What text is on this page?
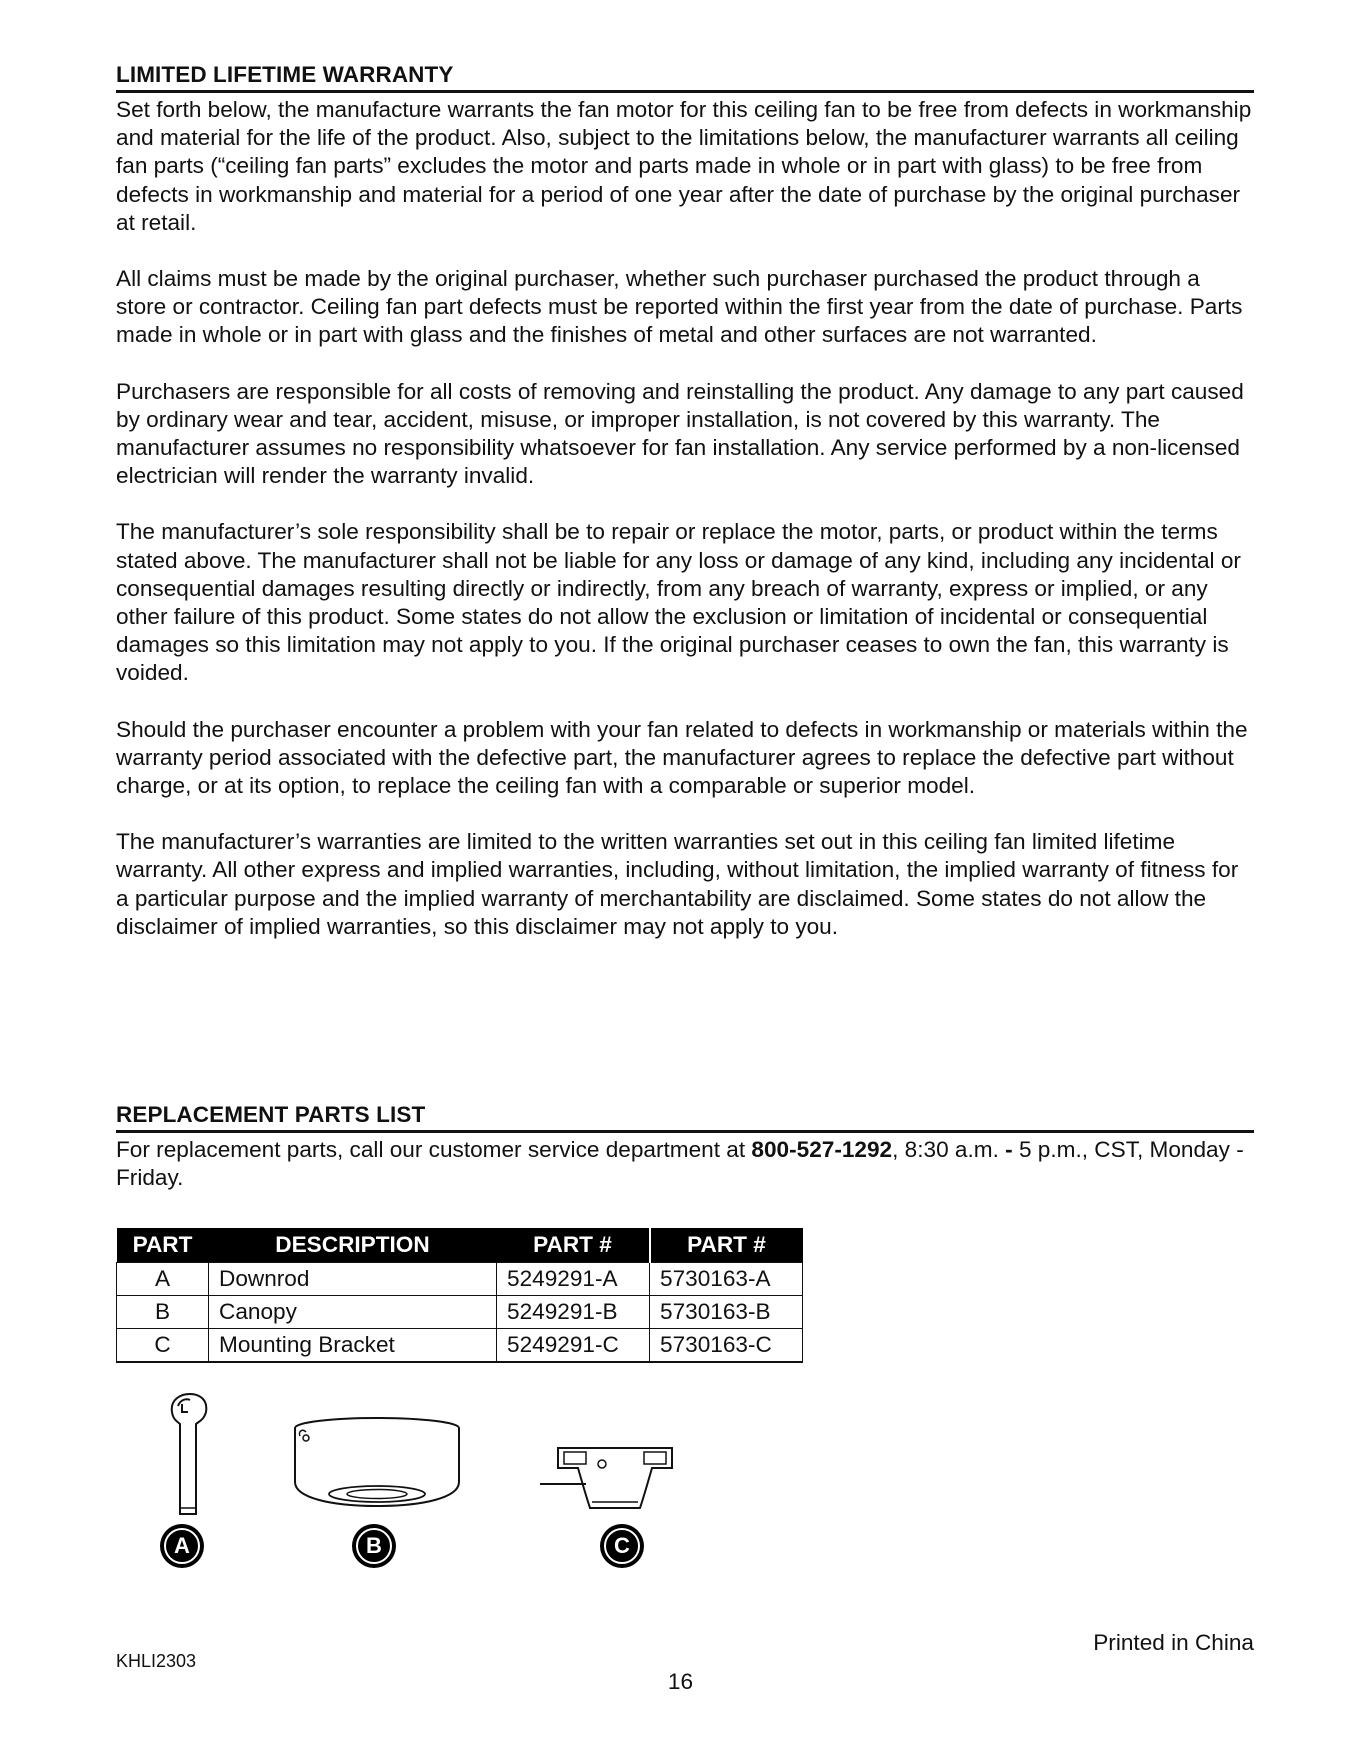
LIMITED LIFETIME WARRANTY

Set forth below, the manufacture warrants the fan motor for this ceiling fan to be free from defects in workmanship and material for the life of the product. Also, subject to the limitations below, the manufacturer warrants all ceiling fan parts (“ceiling fan parts” excludes the motor and parts made in whole or in part with glass) to be free from defects in workmanship and material for a period of one year after the date of purchase by the original purchaser at retail.

All claims must be made by the original purchaser, whether such purchaser purchased the product through a store or contractor. Ceiling fan part defects must be reported within the first year from the date of purchase. Parts made in whole or in part with glass and the finishes of metal and other surfaces are not warranted.

Purchasers are responsible for all costs of removing and reinstalling the product. Any damage to any part caused by ordinary wear and tear, accident, misuse, or improper installation, is not covered by this warranty. The manufacturer assumes no responsibility whatsoever for fan installation. Any service performed by a non-licensed electrician will render the warranty invalid.

The manufacturer’s sole responsibility shall be to repair or replace the motor, parts, or product within the terms stated above. The manufacturer shall not be liable for any loss or damage of any kind, including any incidental or consequential damages resulting directly or indirectly, from any breach of warranty, express or implied, or any other failure of this product. Some states do not allow the exclusion or limitation of incidental or consequential damages so this limitation may not apply to you. If the original purchaser ceases to own the fan, this warranty is voided.

Should the purchaser encounter a problem with your fan related to defects in workmanship or materials within the warranty period associated with the defective part, the manufacturer agrees to replace the defective part without charge, or at its option, to replace the ceiling fan with a comparable or superior model.

The manufacturer’s warranties are limited to the written warranties set out in this ceiling fan limited lifetime warranty. All other express and implied warranties, including, without limitation, the implied warranty of fitness for a particular purpose and the implied warranty of merchantability are disclaimed. Some states do not allow the disclaimer of implied warranties, so this disclaimer may not apply to you.

REPLACEMENT PARTS LIST

For replacement parts, call our customer service department at 800-527-1292, 8:30 a.m. - 5 p.m., CST, Monday - Friday.

PART	DESCRIPTION	PART #	PART #
A	Downrod	5249291-A	5730163-A
B	Canopy	5249291-B	5730163-B
C	Mounting Bracket	5249291-C	5730163-C
A	B	C
Printed in China
KHLI2303
16
